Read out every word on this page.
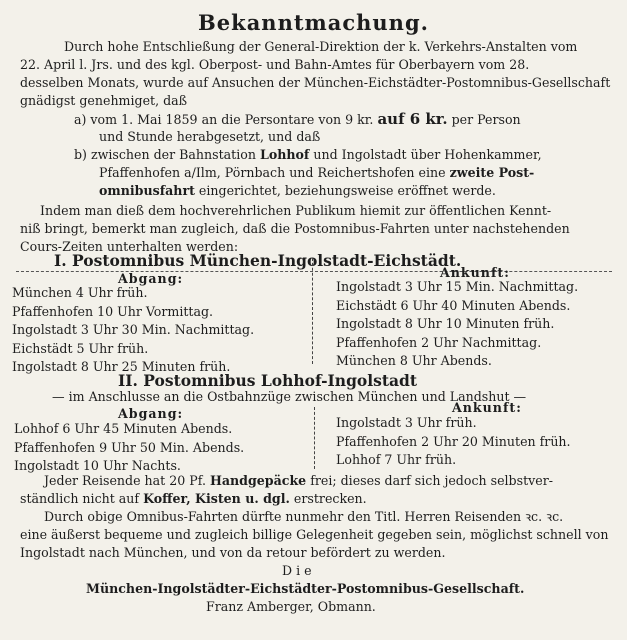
Bekanntmachung.
Durch hohe Entschließung der General-Direktion der k. Verkehrs-Anstalten vom
22. April l. Jrs. und des kgl. Oberpost- und Bahn-Amtes für Oberbayern vom 28.
desselben Monats, wurde auf Ansuchen der München-Eichstädter-Postomnibus-Gesellschaft
gnädigst genehmiget, daß
a) vom 1. Mai 1859 an die Persontare von 9 kr. auf 6 kr. per Person
und Stunde herabgesetzt, und daß
b) zwischen der Bahnstation Lohhof und Ingolstadt über Hohenkammer,
Pfaffenhofen a/Ilm, Pörnbach und Reichertshofen eine zweite Post-
omnibusfahrt eingerichtet, beziehungsweise eröffnet werde.
Indem man dieß dem hochverehrlichen Publikum hiemit zur öffentlichen Kennt-
niß bringt, bemerkt man zugleich, daß die Postomnibus-Fahrten unter nachstehenden
Cours-Zeiten unterhalten werden:
I. Postomnibus München-Ingolstadt-Eichstädt.
Abgang:	Ankunft:
München 4 Uhr früh.
Pfaffenhofen 10 Uhr Vormittag.
Ingolstadt 3 Uhr 30 Min. Nachmittag.
Eichstädt 5 Uhr früh.
Ingolstadt 8 Uhr 25 Minuten früh.
Ingolstadt 3 Uhr 15 Min. Nachmittag.
Eichstädt 6 Uhr 40 Minuten Abends.
Ingolstadt 8 Uhr 10 Minuten früh.
Pfaffenhofen 2 Uhr Nachmittag.
München 8 Uhr Abends.
II. Postomnibus Lohhof-Ingolstadt
— im Anschlusse an die Ostbahnzüge zwischen München und Landshut —
Abgang:	Ankunft:
Lohhof 6 Uhr 45 Minuten Abends.
Pfaffenhofen 9 Uhr 50 Min. Abends.
Ingolstadt 10 Uhr Nachts.
Ingolstadt 3 Uhr früh.
Pfaffenhofen 2 Uhr 20 Minuten früh.
Lohhof 7 Uhr früh.
Jeder Reisende hat 20 Pf. Handgepäcke frei; dieses darf sich jedoch selbstver-
ständlich nicht auf Koffer, Kisten u. dgl. erstrecken.
Durch obige Omnibus-Fahrten dürfte nunmehr den Titl. Herren Reisenden ꝛc. ꝛc.
eine äußerst bequeme und zugleich billige Gelegenheit gegeben sein, möglichst schnell von
Ingolstadt nach München, und von da retour befördert zu werden.
D i e
München-Ingolstädter-Eichstädter-Postomnibus-Gesellschaft.
Franz Amberger, Obmann.
